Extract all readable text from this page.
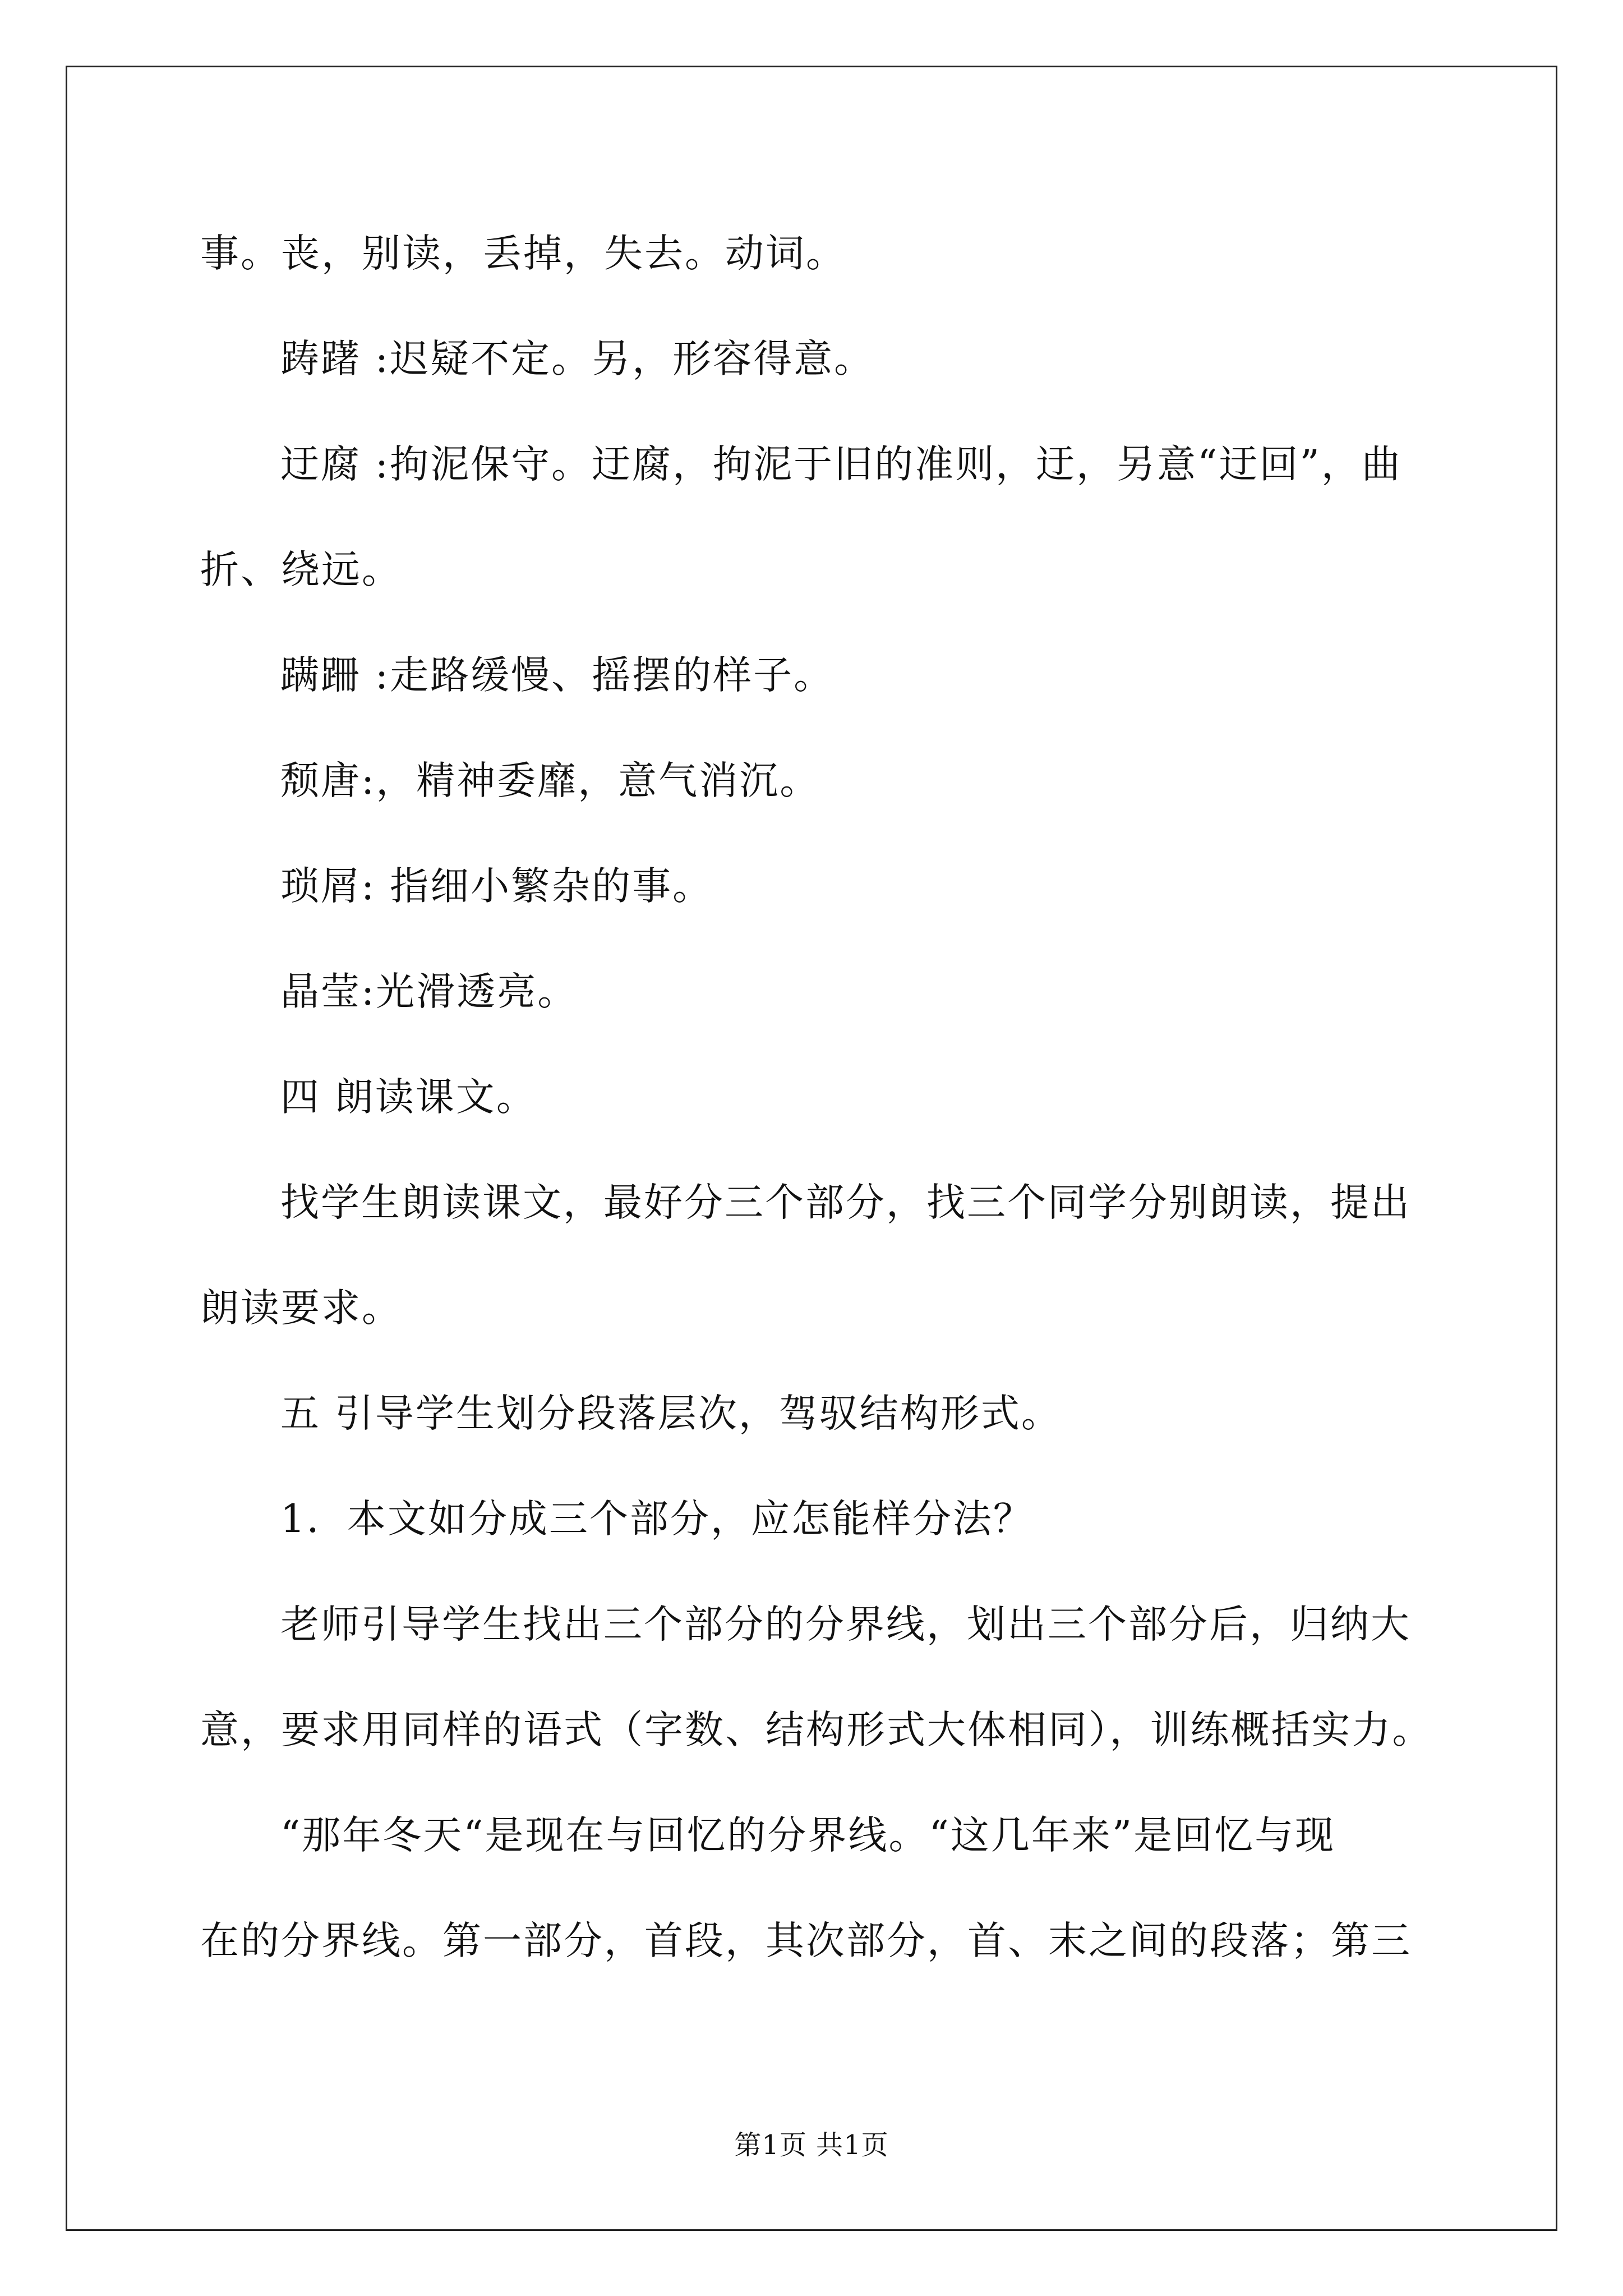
事。丧，别读，丢掉，失去。动词。
踌躇 :迟疑不定。另，形容得意。
迂腐 :拘泥保守。迂腐，拘泥于旧的准则，迂，另意“迂回”，曲
折、绕远。
蹒跚 :走路缓慢、摇摆的样子。
颓唐:，精神委靡，意气消沉。
琐屑: 指细小繁杂的事。
晶莹:光滑透亮。
四 朗读课文。
找学生朗读课文，最好分三个部分，找三个同学分别朗读，提出
朗读要求。
五 引导学生划分段落层次，驾驭结构形式。
1．本文如分成三个部分，应怎能样分法？
老师引导学生找出三个部分的分界线，划出三个部分后，归纳大
意，要求用同样的语式（字数、结构形式大体相同），训练概括实力。
“那年冬天“是现在与回忆的分界线。“这几年来”是回忆与现
在的分界线。第一部分，首段，其次部分，首、末之间的段落；第三
第1页 共1页
